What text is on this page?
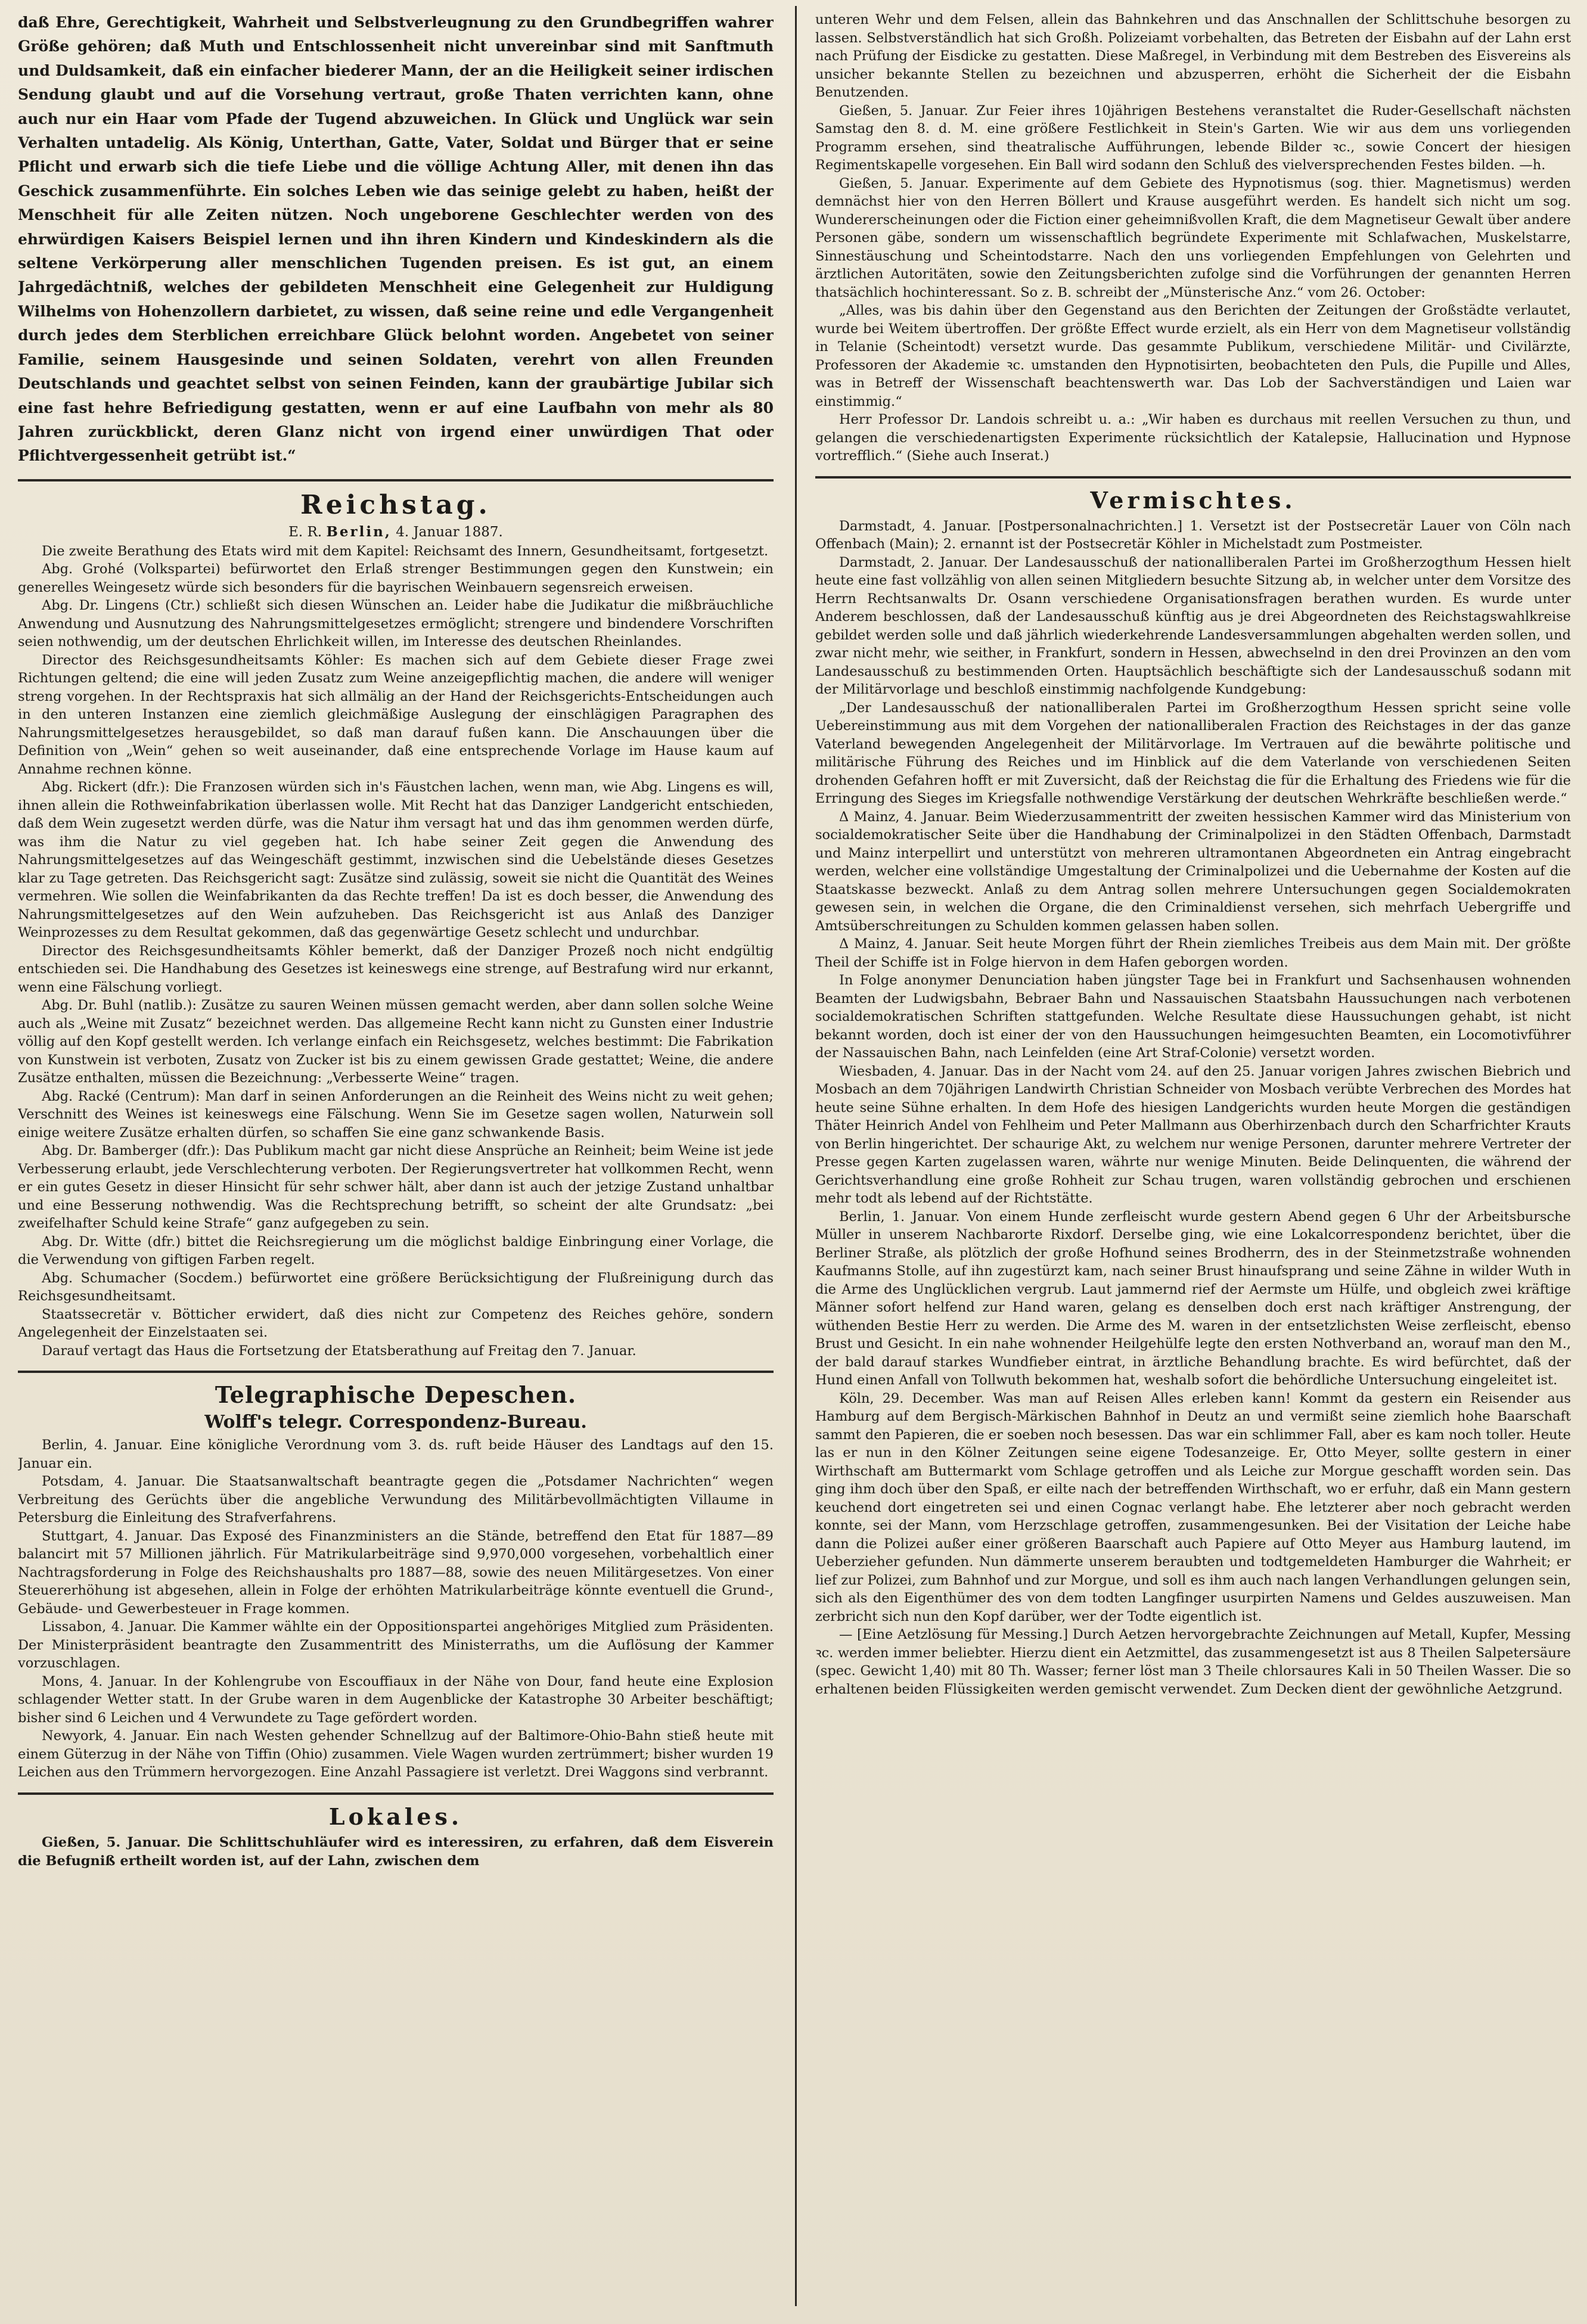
daß Ehre, Gerechtigkeit, Wahrheit und Selbstverleugnung zu den Grundbegriffen wahrer Größe gehören; daß Muth und Entschlossenheit nicht unvereinbar sind mit Sanftmuth und Duldsamkeit, daß ein einfacher biederer Mann, der an die Heiligkeit seiner irdischen Sendung glaubt und auf die Vorsehung vertraut, große Thaten verrichten kann, ohne auch nur ein Haar vom Pfade der Tugend abzuweichen. In Glück und Unglück war sein Verhalten untadelig. Als König, Unterthan, Gatte, Vater, Soldat und Bürger that er seine Pflicht und erwarb sich die tiefe Liebe und die völlige Achtung Aller, mit denen ihn das Geschick zusammenführte. Ein solches Leben wie das seinige gelebt zu haben, heißt der Menschheit für alle Zeiten nützen. Noch ungeborene Geschlechter werden von des ehrwürdigen Kaisers Beispiel lernen und ihn ihren Kindern und Kindeskindern als die seltene Verkörperung aller menschlichen Tugenden preisen. Es ist gut, an einem Jahrgedächtniß, welches der gebildeten Menschheit eine Gelegenheit zur Huldigung Wilhelms von Hohenzollern darbietet, zu wissen, daß seine reine und edle Vergangenheit durch jedes dem Sterblichen erreichbare Glück belohnt worden. Angebetet von seiner Familie, seinem Hausgesinde und seinen Soldaten, verehrt von allen Freunden Deutschlands und geachtet selbst von seinen Feinden, kann der graubärtige Jubilar sich eine fast hehre Befriedigung gestatten, wenn er auf eine Laufbahn von mehr als 80 Jahren zurückblickt, deren Glanz nicht von irgend einer unwürdigen That oder Pflichtvergessenheit getrübt ist.“

Reichstag.
E. R. Berlin, 4. Januar 1887.

Die zweite Berathung des Etats wird mit dem Kapitel: Reichsamt des Innern, Gesundheitsamt, fortgesetzt.

Abg. Grohé (Volkspartei) befürwortet den Erlaß strenger Bestimmungen gegen den Kunstwein; ein generelles Weingesetz würde sich besonders für die bayrischen Weinbauern segensreich erweisen.

Abg. Dr. Lingens (Ctr.) schließt sich diesen Wünschen an. Leider habe die Judikatur die mißbräuchliche Anwendung und Ausnutzung des Nahrungsmittelgesetzes ermöglicht; strengere und bindendere Vorschriften seien nothwendig, um der deutschen Ehrlichkeit willen, im Interesse des deutschen Rheinlandes.

Director des Reichsgesundheitsamts Köhler: Es machen sich auf dem Gebiete dieser Frage zwei Richtungen geltend; die eine will jeden Zusatz zum Weine anzeigepflichtig machen, die andere will weniger streng vorgehen. In der Rechtspraxis hat sich allmälig an der Hand der Reichsgerichts-Entscheidungen auch in den unteren Instanzen eine ziemlich gleichmäßige Auslegung der einschlägigen Paragraphen des Nahrungsmittelgesetzes herausgebildet, so daß man darauf fußen kann. Die Anschauungen über die Definition von „Wein“ gehen so weit auseinander, daß eine entsprechende Vorlage im Hause kaum auf Annahme rechnen könne.

Abg. Rickert (dfr.): Die Franzosen würden sich in's Fäustchen lachen, wenn man, wie Abg. Lingens es will, ihnen allein die Rothweinfabrikation überlassen wolle. Mit Recht hat das Danziger Landgericht entschieden, daß dem Wein zugesetzt werden dürfe, was die Natur ihm versagt hat und das ihm genommen werden dürfe, was ihm die Natur zu viel gegeben hat. Ich habe seiner Zeit gegen die Anwendung des Nahrungsmittelgesetzes auf das Weingeschäft gestimmt, inzwischen sind die Uebelstände dieses Gesetzes klar zu Tage getreten. Das Reichsgericht sagt: Zusätze sind zulässig, soweit sie nicht die Quantität des Weines vermehren. Wie sollen die Weinfabrikanten da das Rechte treffen! Da ist es doch besser, die Anwendung des Nahrungsmittelgesetzes auf den Wein aufzuheben. Das Reichsgericht ist aus Anlaß des Danziger Weinprozesses zu dem Resultat gekommen, daß das gegenwärtige Gesetz schlecht und undurchbar.

Director des Reichsgesundheitsamts Köhler bemerkt, daß der Danziger Prozeß noch nicht endgültig entschieden sei. Die Handhabung des Gesetzes ist keineswegs eine strenge, auf Bestrafung wird nur erkannt, wenn eine Fälschung vorliegt.

Abg. Dr. Buhl (natlib.): Zusätze zu sauren Weinen müssen gemacht werden, aber dann sollen solche Weine auch als „Weine mit Zusatz“ bezeichnet werden. Das allgemeine Recht kann nicht zu Gunsten einer Industrie völlig auf den Kopf gestellt werden. Ich verlange einfach ein Reichsgesetz, welches bestimmt: Die Fabrikation von Kunstwein ist verboten, Zusatz von Zucker ist bis zu einem gewissen Grade gestattet; Weine, die andere Zusätze enthalten, müssen die Bezeichnung: „Verbesserte Weine“ tragen.

Abg. Racké (Centrum): Man darf in seinen Anforderungen an die Reinheit des Weins nicht zu weit gehen; Verschnitt des Weines ist keineswegs eine Fälschung. Wenn Sie im Gesetze sagen wollen, Naturwein soll einige weitere Zusätze erhalten dürfen, so schaffen Sie eine ganz schwankende Basis.

Abg. Dr. Bamberger (dfr.): Das Publikum macht gar nicht diese Ansprüche an Reinheit; beim Weine ist jede Verbesserung erlaubt, jede Verschlechterung verboten. Der Regierungsvertreter hat vollkommen Recht, wenn er ein gutes Gesetz in dieser Hinsicht für sehr schwer hält, aber dann ist auch der jetzige Zustand unhaltbar und eine Besserung nothwendig. Was die Rechtsprechung betrifft, so scheint der alte Grundsatz: „bei zweifelhafter Schuld keine Strafe“ ganz aufgegeben zu sein.

Abg. Dr. Witte (dfr.) bittet die Reichsregierung um die möglichst baldige Einbringung einer Vorlage, die die Verwendung von giftigen Farben regelt.

Abg. Schumacher (Socdem.) befürwortet eine größere Berücksichtigung der Flußreinigung durch das Reichsgesundheitsamt.

Staatssecretär v. Bötticher erwidert, daß dies nicht zur Competenz des Reiches gehöre, sondern Angelegenheit der Einzelstaaten sei.

Darauf vertagt das Haus die Fortsetzung der Etatsberathung auf Freitag den 7. Januar.

Telegraphische Depeschen.
Wolff's telegr. Correspondenz-Bureau.

Berlin, 4. Januar. Eine königliche Verordnung vom 3. ds. ruft beide Häuser des Landtags auf den 15. Januar ein.

Potsdam, 4. Januar. Die Staatsanwaltschaft beantragte gegen die „Potsdamer Nachrichten“ wegen Verbreitung des Gerüchts über die angebliche Verwundung des Militärbevollmächtigten Villaume in Petersburg die Einleitung des Strafverfahrens.

Stuttgart, 4. Januar. Das Exposé des Finanzministers an die Stände, betreffend den Etat für 1887—89 balancirt mit 57 Millionen jährlich. Für Matrikularbeiträge sind 9,970,000 vorgesehen, vorbehaltlich einer Nachtragsforderung in Folge des Reichshaushalts pro 1887—88, sowie des neuen Militärgesetzes. Von einer Steuererhöhung ist abgesehen, allein in Folge der erhöhten Matrikularbeiträge könnte eventuell die Grund-, Gebäude- und Gewerbesteuer in Frage kommen.

Lissabon, 4. Januar. Die Kammer wählte ein der Oppositionspartei angehöriges Mitglied zum Präsidenten. Der Ministerpräsident beantragte den Zusammentritt des Ministerraths, um die Auflösung der Kammer vorzuschlagen.

Mons, 4. Januar. In der Kohlengrube von Escouffiaux in der Nähe von Dour, fand heute eine Explosion schlagender Wetter statt. In der Grube waren in dem Augenblicke der Katastrophe 30 Arbeiter beschäftigt; bisher sind 6 Leichen und 4 Verwundete zu Tage gefördert worden.

Newyork, 4. Januar. Ein nach Westen gehender Schnellzug auf der Baltimore-Ohio-Bahn stieß heute mit einem Güterzug in der Nähe von Tiffin (Ohio) zusammen. Viele Wagen wurden zertrümmert; bisher wurden 19 Leichen aus den Trümmern hervorgezogen. Eine Anzahl Passagiere ist verletzt. Drei Waggons sind verbrannt.

Lokales.

Gießen, 5. Januar. Die Schlittschuhläufer wird es interessiren, zu erfahren, daß dem Eisverein die Befugniß ertheilt worden ist, auf der Lahn, zwischen dem

unteren Wehr und dem Felsen, allein das Bahnkehren und das Anschnallen der Schlittschuhe besorgen zu lassen. Selbstverständlich hat sich Großh. Polizeiamt vorbehalten, das Betreten der Eisbahn auf der Lahn erst nach Prüfung der Eisdicke zu gestatten. Diese Maßregel, in Verbindung mit dem Bestreben des Eisvereins als unsicher bekannte Stellen zu bezeichnen und abzusperren, erhöht die Sicherheit der die Eisbahn Benutzenden.

Gießen, 5. Januar. Zur Feier ihres 10jährigen Bestehens veranstaltet die Ruder-Gesellschaft nächsten Samstag den 8. d. M. eine größere Festlichkeit in Stein's Garten. Wie wir aus dem uns vorliegenden Programm ersehen, sind theatralische Aufführungen, lebende Bilder ꝛc., sowie Concert der hiesigen Regimentskapelle vorgesehen. Ein Ball wird sodann den Schluß des vielversprechenden Festes bilden. —h.

Gießen, 5. Januar. Experimente auf dem Gebiete des Hypnotismus (sog. thier. Magnetismus) werden demnächst hier von den Herren Böllert und Krause ausgeführt werden. Es handelt sich nicht um sog. Wundererscheinungen oder die Fiction einer geheimnißvollen Kraft, die dem Magnetiseur Gewalt über andere Personen gäbe, sondern um wissenschaftlich begründete Experimente mit Schlafwachen, Muskelstarre, Sinnestäuschung und Scheintodstarre. Nach den uns vorliegenden Empfehlungen von Gelehrten und ärztlichen Autoritäten, sowie den Zeitungsberichten zufolge sind die Vorführungen der genannten Herren thatsächlich hochinteressant. So z. B. schreibt der „Münsterische Anz.“ vom 26. October:

„Alles, was bis dahin über den Gegenstand aus den Berichten der Zeitungen der Großstädte verlautet, wurde bei Weitem übertroffen. Der größte Effect wurde erzielt, als ein Herr von dem Magnetiseur vollständig in Telanie (Scheintodt) versetzt wurde. Das gesammte Publikum, verschiedene Militär- und Civilärzte, Professoren der Akademie ꝛc. umstanden den Hypnotisirten, beobachteten den Puls, die Pupille und Alles, was in Betreff der Wissenschaft beachtenswerth war. Das Lob der Sachverständigen und Laien war einstimmig.“

Herr Professor Dr. Landois schreibt u. a.: „Wir haben es durchaus mit reellen Versuchen zu thun, und gelangen die verschiedenartigsten Experimente rücksichtlich der Katalepsie, Hallucination und Hypnose vortrefflich.“ (Siehe auch Inserat.)

Vermischtes.

Darmstadt, 4. Januar. [Postpersonalnachrichten.] 1. Versetzt ist der Postsecretär Lauer von Cöln nach Offenbach (Main); 2. ernannt ist der Postsecretär Köhler in Michelstadt zum Postmeister.

Darmstadt, 2. Januar. Der Landesausschuß der nationalliberalen Partei im Großherzogthum Hessen hielt heute eine fast vollzählig von allen seinen Mitgliedern besuchte Sitzung ab, in welcher unter dem Vorsitze des Herrn Rechtsanwalts Dr. Osann verschiedene Organisationsfragen berathen wurden. Es wurde unter Anderem beschlossen, daß der Landesausschuß künftig aus je drei Abgeordneten des Reichstagswahlkreise gebildet werden solle und daß jährlich wiederkehrende Landesversammlungen abgehalten werden sollen, und zwar nicht mehr, wie seither, in Frankfurt, sondern in Hessen, abwechselnd in den drei Provinzen an den vom Landesausschuß zu bestimmenden Orten. Hauptsächlich beschäftigte sich der Landesausschuß sodann mit der Militärvorlage und beschloß einstimmig nachfolgende Kundgebung:

„Der Landesausschuß der nationalliberalen Partei im Großherzogthum Hessen spricht seine volle Uebereinstimmung aus mit dem Vorgehen der nationalliberalen Fraction des Reichstages in der das ganze Vaterland bewegenden Angelegenheit der Militärvorlage. Im Vertrauen auf die bewährte politische und militärische Führung des Reiches und im Hinblick auf die dem Vaterlande von verschiedenen Seiten drohenden Gefahren hofft er mit Zuversicht, daß der Reichstag die für die Erhaltung des Friedens wie für die Erringung des Sieges im Kriegsfalle nothwendige Verstärkung der deutschen Wehrkräfte beschließen werde.“

Δ Mainz, 4. Januar. Beim Wiederzusammentritt der zweiten hessischen Kammer wird das Ministerium von socialdemokratischer Seite über die Handhabung der Criminalpolizei in den Städten Offenbach, Darmstadt und Mainz interpellirt und unterstützt von mehreren ultramontanen Abgeordneten ein Antrag eingebracht werden, welcher eine vollständige Umgestaltung der Criminalpolizei und die Uebernahme der Kosten auf die Staatskasse bezweckt. Anlaß zu dem Antrag sollen mehrere Untersuchungen gegen Socialdemokraten gewesen sein, in welchen die Organe, die den Criminaldienst versehen, sich mehrfach Uebergriffe und Amtsüberschreitungen zu Schulden kommen gelassen haben sollen.

Δ Mainz, 4. Januar. Seit heute Morgen führt der Rhein ziemliches Treibeis aus dem Main mit. Der größte Theil der Schiffe ist in Folge hiervon in dem Hafen geborgen worden.

In Folge anonymer Denunciation haben jüngster Tage bei in Frankfurt und Sachsenhausen wohnenden Beamten der Ludwigsbahn, Bebraer Bahn und Nassauischen Staatsbahn Haussuchungen nach verbotenen socialdemokratischen Schriften stattgefunden. Welche Resultate diese Haussuchungen gehabt, ist nicht bekannt worden, doch ist einer der von den Haussuchungen heimgesuchten Beamten, ein Locomotivführer der Nassauischen Bahn, nach Leinfelden (eine Art Straf-Colonie) versetzt worden.

Wiesbaden, 4. Januar. Das in der Nacht vom 24. auf den 25. Januar vorigen Jahres zwischen Biebrich und Mosbach an dem 70jährigen Landwirth Christian Schneider von Mosbach verübte Verbrechen des Mordes hat heute seine Sühne erhalten. In dem Hofe des hiesigen Landgerichts wurden heute Morgen die geständigen Thäter Heinrich Andel von Fehlheim und Peter Mallmann aus Oberhirzenbach durch den Scharfrichter Krauts von Berlin hingerichtet. Der schaurige Akt, zu welchem nur wenige Personen, darunter mehrere Vertreter der Presse gegen Karten zugelassen waren, währte nur wenige Minuten. Beide Delinquenten, die während der Gerichtsverhandlung eine große Rohheit zur Schau trugen, waren vollständig gebrochen und erschienen mehr todt als lebend auf der Richtstätte.

Berlin, 1. Januar. Von einem Hunde zerfleischt wurde gestern Abend gegen 6 Uhr der Arbeitsbursche Müller in unserem Nachbarorte Rixdorf. Derselbe ging, wie eine Lokalcorrespondenz berichtet, über die Berliner Straße, als plötzlich der große Hofhund seines Brodherrn, des in der Steinmetzstraße wohnenden Kaufmanns Stolle, auf ihn zugestürzt kam, nach seiner Brust hinaufsprang und seine Zähne in wilder Wuth in die Arme des Unglücklichen vergrub. Laut jammernd rief der Aermste um Hülfe, und obgleich zwei kräftige Männer sofort helfend zur Hand waren, gelang es denselben doch erst nach kräftiger Anstrengung, der wüthenden Bestie Herr zu werden. Die Arme des M. waren in der entsetzlichsten Weise zerfleischt, ebenso Brust und Gesicht. In ein nahe wohnender Heilgehülfe legte den ersten Nothverband an, worauf man den M., der bald darauf starkes Wundfieber eintrat, in ärztliche Behandlung brachte. Es wird befürchtet, daß der Hund einen Anfall von Tollwuth bekommen hat, weshalb sofort die behördliche Untersuchung eingeleitet ist.

Köln, 29. December. Was man auf Reisen Alles erleben kann! Kommt da gestern ein Reisender aus Hamburg auf dem Bergisch-Märkischen Bahnhof in Deutz an und vermißt seine ziemlich hohe Baarschaft sammt den Papieren, die er soeben noch besessen. Das war ein schlimmer Fall, aber es kam noch toller. Heute las er nun in den Kölner Zeitungen seine eigene Todesanzeige. Er, Otto Meyer, sollte gestern in einer Wirthschaft am Buttermarkt vom Schlage getroffen und als Leiche zur Morgue geschafft worden sein. Das ging ihm doch über den Spaß, er eilte nach der betreffenden Wirthschaft, wo er erfuhr, daß ein Mann gestern keuchend dort eingetreten sei und einen Cognac verlangt habe. Ehe letzterer aber noch gebracht werden konnte, sei der Mann, vom Herzschlage getroffen, zusammengesunken. Bei der Visitation der Leiche habe dann die Polizei außer einer größeren Baarschaft auch Papiere auf Otto Meyer aus Hamburg lautend, im Ueberzieher gefunden. Nun dämmerte unserem beraubten und todtgemeldeten Hamburger die Wahrheit; er lief zur Polizei, zum Bahnhof und zur Morgue, und soll es ihm auch nach langen Verhandlungen gelungen sein, sich als den Eigenthümer des von dem todten Langfinger usurpirten Namens und Geldes auszuweisen. Man zerbricht sich nun den Kopf darüber, wer der Todte eigentlich ist.

— [Eine Aetzlösung für Messing.] Durch Aetzen hervorgebrachte Zeichnungen auf Metall, Kupfer, Messing ꝛc. werden immer beliebter. Hierzu dient ein Aetzmittel, das zusammengesetzt ist aus 8 Theilen Salpetersäure (spec. Gewicht 1,40) mit 80 Th. Wasser; ferner löst man 3 Theile chlorsaures Kali in 50 Theilen Wasser. Die so erhaltenen beiden Flüssigkeiten werden gemischt verwendet. Zum Decken dient der gewöhnliche Aetzgrund.
